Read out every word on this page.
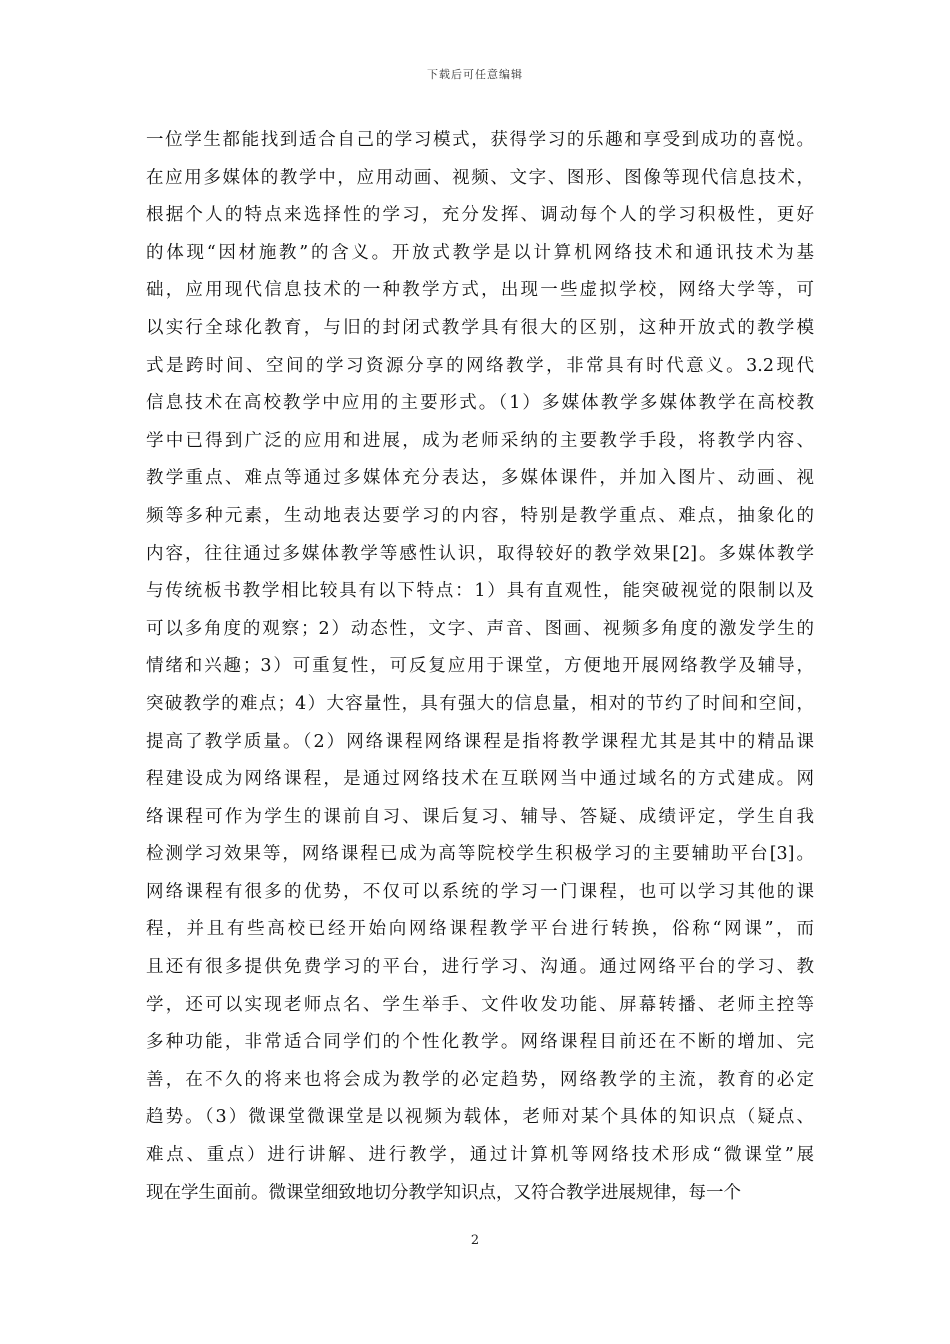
下载后可任意编辑
一位学生都能找到适合自己的学习模式，获得学习的乐趣和享受到成功的喜悦。
在应用多媒体的教学中，应用动画、视频、文字、图形、图像等现代信息技术，
根据个人的特点来选择性的学习，充分发挥、调动每个人的学习积极性，更好
的体现“因材施教”的含义。开放式教学是以计算机网络技术和通讯技术为基
础，应用现代信息技术的一种教学方式，出现一些虚拟学校，网络大学等，可
以实行全球化教育，与旧的封闭式教学具有很大的区别，这种开放式的教学模
式是跨时间、空间的学习资源分享的网络教学，非常具有时代意义。3.2现代
信息技术在高校教学中应用的主要形式。（1）多媒体教学多媒体教学在高校教
学中已得到广泛的应用和进展，成为老师采纳的主要教学手段，将教学内容、
教学重点、难点等通过多媒体充分表达，多媒体课件，并加入图片、动画、视
频等多种元素，生动地表达要学习的内容，特别是教学重点、难点，抽象化的
内容，往往通过多媒体教学等感性认识，取得较好的教学效果[2]。多媒体教学
与传统板书教学相比较具有以下特点：1）具有直观性，能突破视觉的限制以及
可以多角度的观察；2）动态性，文字、声音、图画、视频多角度的激发学生的
情绪和兴趣；3）可重复性，可反复应用于课堂，方便地开展网络教学及辅导，
突破教学的难点；4）大容量性，具有强大的信息量，相对的节约了时间和空间，
提高了教学质量。（2）网络课程网络课程是指将教学课程尤其是其中的精品课
程建设成为网络课程，是通过网络技术在互联网当中通过域名的方式建成。网
络课程可作为学生的课前自习、课后复习、辅导、答疑、成绩评定，学生自我
检测学习效果等，网络课程已成为高等院校学生积极学习的主要辅助平台[3]。
网络课程有很多的优势，不仅可以系统的学习一门课程，也可以学习其他的课
程，并且有些高校已经开始向网络课程教学平台进行转换，俗称“网课”，而
且还有很多提供免费学习的平台，进行学习、沟通。通过网络平台的学习、教
学，还可以实现老师点名、学生举手、文件收发功能、屏幕转播、老师主控等
多种功能，非常适合同学们的个性化教学。网络课程目前还在不断的增加、完
善，在不久的将来也将会成为教学的必定趋势，网络教学的主流，教育的必定
趋势。（3）微课堂微课堂是以视频为载体，老师对某个具体的知识点（疑点、
难点、重点）进行讲解、进行教学，通过计算机等网络技术形成“微课堂”展
现在学生面前。微课堂细致地切分教学知识点，又符合教学进展规律，每一个
2
